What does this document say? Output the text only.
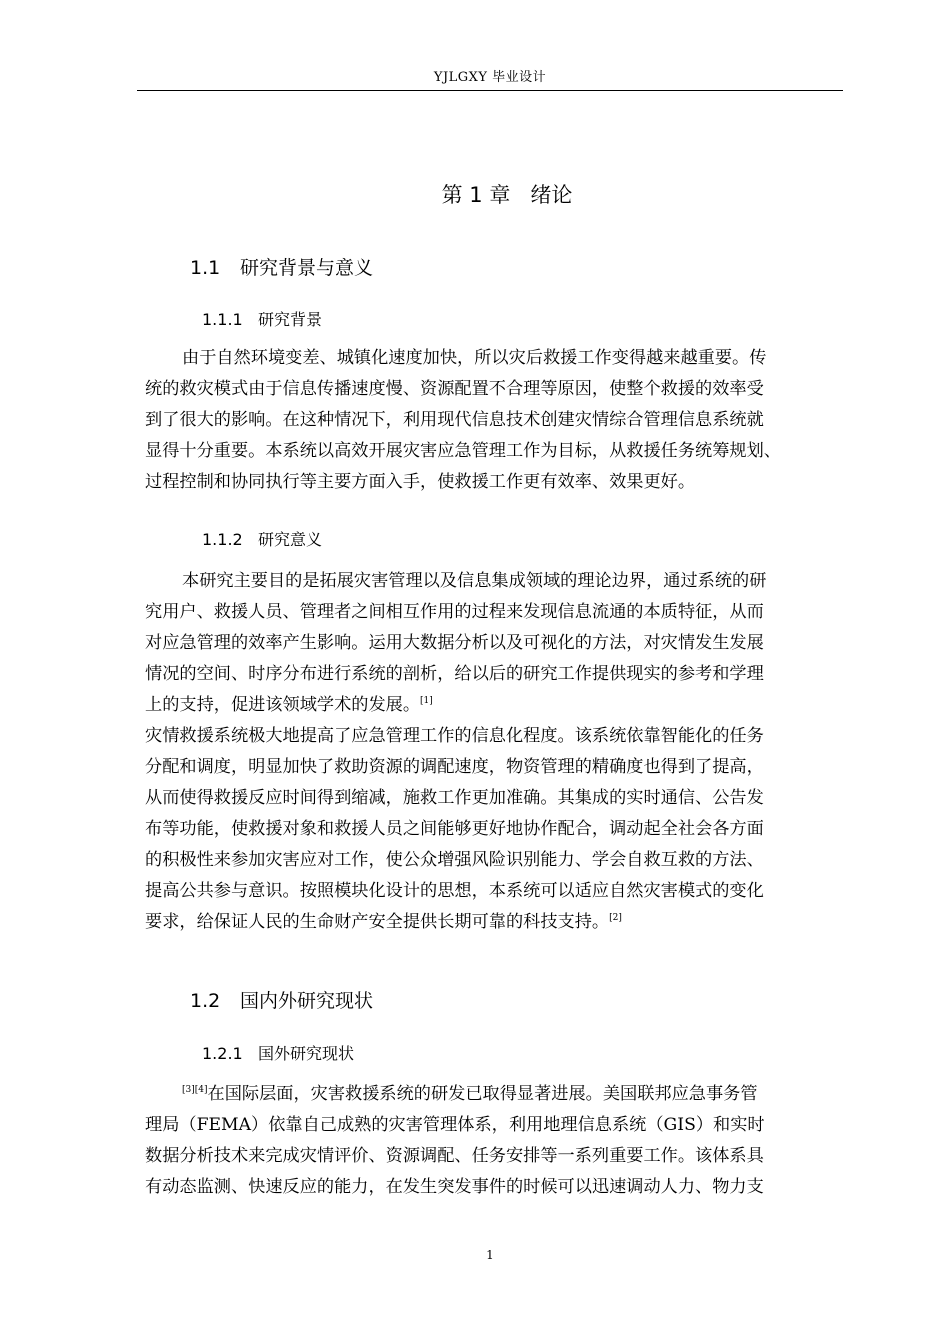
YJLGXY 毕业设计
第 1 章   绪论
1.1 研究背景与意义
1.1.1 研究背景
由于自然环境变差、城镇化速度加快，所以灾后救援工作变得越来越重要。传
统的救灾模式由于信息传播速度慢、资源配置不合理等原因，使整个救援的效率受
到了很大的影响。在这种情况下，利用现代信息技术创建灾情综合管理信息系统就
显得十分重要。本系统以高效开展灾害应急管理工作为目标，从救援任务统筹规划、
过程控制和协同执行等主要方面入手，使救援工作更有效率、效果更好。
1.1.2 研究意义
本研究主要目的是拓展灾害管理以及信息集成领域的理论边界，通过系统的研
究用户、救援人员、管理者之间相互作用的过程来发现信息流通的本质特征，从而
对应急管理的效率产生影响。运用大数据分析以及可视化的方法，对灾情发生发展
情况的空间、时序分布进行系统的剖析，给以后的研究工作提供现实的参考和学理
上的支持，促进该领域学术的发展。[1]
灾情救援系统极大地提高了应急管理工作的信息化程度。该系统依靠智能化的任务
分配和调度，明显加快了救助资源的调配速度，物资管理的精确度也得到了提高，
从而使得救援反应时间得到缩减，施救工作更加准确。其集成的实时通信、公告发
布等功能，使救援对象和救援人员之间能够更好地协作配合，调动起全社会各方面
的积极性来参加灾害应对工作，使公众增强风险识别能力、学会自救互救的方法、
提高公共参与意识。按照模块化设计的思想，本系统可以适应自然灾害模式的变化
要求，给保证人民的生命财产安全提供长期可靠的科技支持。[2]
1.2 国内外研究现状
1.2.1 国外研究现状
[3][4]在国际层面，灾害救援系统的研发已取得显著进展。美国联邦应急事务管
理局（FEMA）依靠自己成熟的灾害管理体系，利用地理信息系统（GIS）和实时
数据分析技术来完成灾情评价、资源调配、任务安排等一系列重要工作。该体系具
有动态监测、快速反应的能力，在发生突发事件的时候可以迅速调动人力、物力支
1
